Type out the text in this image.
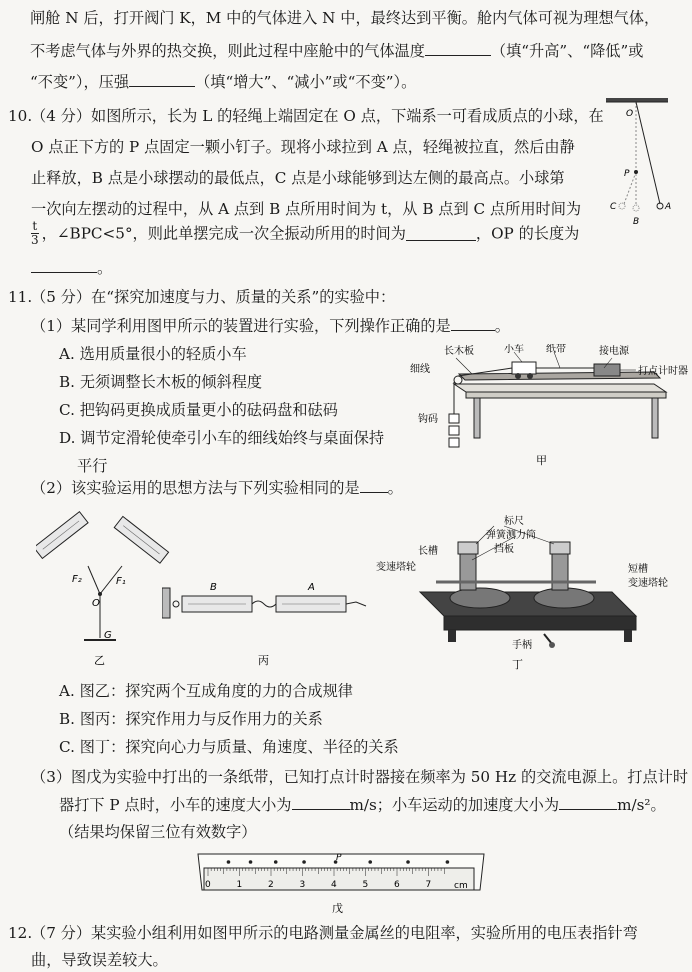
闸舱 N 后，打开阀门 K，M 中的气体进入 N 中，最终达到平衡。舱内气体可视为理想气体，
不考虑气体与外界的热交换，则此过程中座舱中的气体温度	（填“升高”、“降低”或
“不变”），压强	（填“增大”、“减小”或“不变”）。
10.
（4 分）如图所示，长为 L 的轻绳上端固定在 O 点，下端系一可看成质点的小球，在
O 点正下方的 P 点固定一颗小钉子。现将小球拉到 A 点，轻绳被拉直，然后由静
止释放，B 点是小球摆动的最低点，C 点是小球能够到达左侧的最高点。小球第
一次向左摆动的过程中，从 A 点到 B 点所用时间为 t，从 B 点到 C 点所用时间为
$\frac{t}{3}$ ，∠BPC<5°，则此单摆完成一次全振动所用的时间为	，OP 的长度为
。
O
P
A
B
C
11.
（5 分）在“探究加速度与力、质量的关系”的实验中：
（1）某同学利用图甲所示的装置进行实验，下列操作正确的是	。
A. 选用质量很小的轻质小车
B. 无须调整长木板的倾斜程度
C. 把钩码更换成质量更小的砝码盘和砝码
D. 调节定滑轮使牵引小车的细线始终与桌面保持
平行
长木板	小车 纸带	接电源
细线	打点计时器
钩码
甲
（2）该实验运用的思想方法与下列实验相同的是 。
F₂	F₁
O
G
乙
B	A
丙
标尺
弹簧测力筒
长槽	挡板
变速塔轮	短槽
变速塔轮
手柄
丁
A. 图乙：探究两个互成角度的力的合成规律
B. 图丙：探究作用力与反作用力的关系
C. 图丁：探究向心力与质量、角速度、半径的关系
（3）图戊为实验中打出的一条纸带，已知打点计时器接在频率为 50 Hz 的交流电源上。打点计时
器打下 P 点时，小车的速度大小为	m/s；小车运动的加速度大小为	m/s²。
（结果均保留三位有效数字）
0	1	2	3	4	5	6	7
P
cm
戊
12.
（7 分）某实验小组利用如图甲所示的电路测量金属丝的电阻率，实验所用的电压表指针弯
曲，导致误差较大。
